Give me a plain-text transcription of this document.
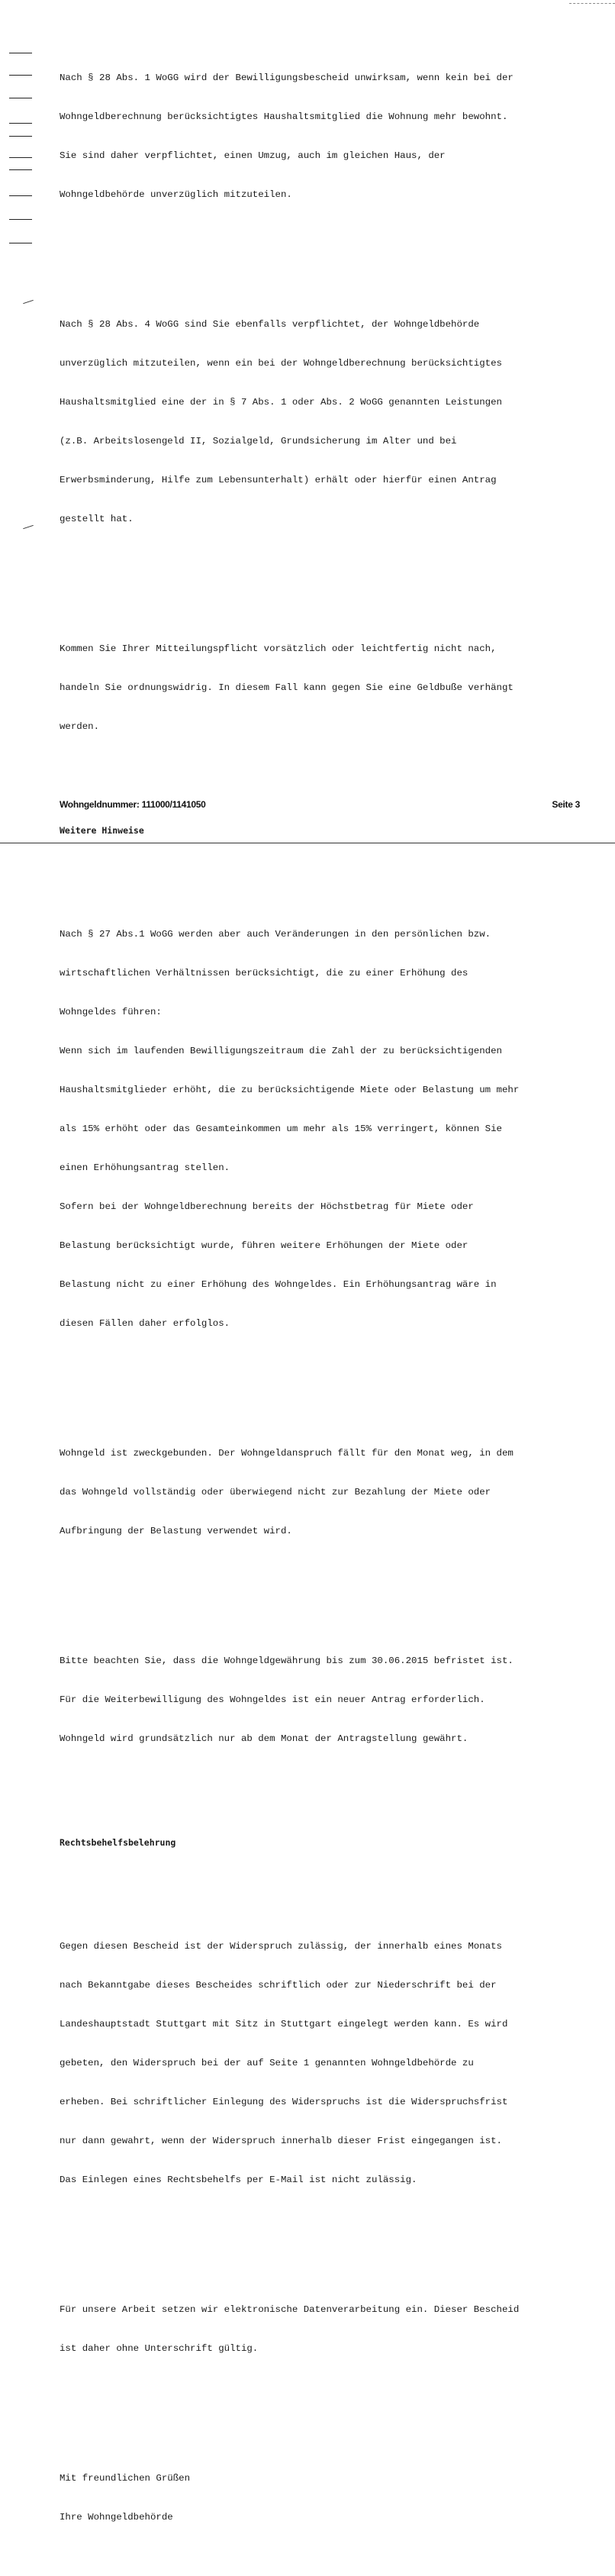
Nach § 28 Abs. 1 WoGG wird der Bewilligungsbescheid unwirksam, wenn kein bei der

Wohngeldberechnung berücksichtigtes Haushaltsmitglied die Wohnung mehr bewohnt.

Sie sind daher verpflichtet, einen Umzug, auch im gleichen Haus, der

Wohngeldbehörde unverzüglich mitzuteilen.

Nach § 28 Abs. 4 WoGG sind Sie ebenfalls verpflichtet, der Wohngeldbehörde

unverzüglich mitzuteilen, wenn ein bei der Wohngeldberechnung berücksichtigtes

Haushaltsmitglied eine der in § 7 Abs. 1 oder Abs. 2 WoGG genannten Leistungen

(z.B. Arbeitslosengeld II, Sozialgeld, Grundsicherung im Alter und bei

Erwerbsminderung, Hilfe zum Lebensunterhalt) erhält oder hierfür einen Antrag

gestellt hat.

Kommen Sie Ihrer Mitteilungspflicht vorsätzlich oder leichtfertig nicht nach,

handeln Sie ordnungswidrig. In diesem Fall kann gegen Sie eine Geldbuße verhängt

werden.

Weitere Hinweise

Nach § 27 Abs.1 WoGG werden aber auch Veränderungen in den persönlichen bzw.

wirtschaftlichen Verhältnissen berücksichtigt, die zu einer Erhöhung des

Wohngeldes führen:

Wenn sich im laufenden Bewilligungszeitraum die Zahl der zu berücksichtigenden

Haushaltsmitglieder erhöht, die zu berücksichtigende Miete oder Belastung um mehr

als 15% erhöht oder das Gesamteinkommen um mehr als 15% verringert, können Sie

einen Erhöhungsantrag stellen.

Sofern bei der Wohngeldberechnung bereits der Höchstbetrag für Miete oder

Belastung berücksichtigt wurde, führen weitere Erhöhungen der Miete oder

Belastung nicht zu einer Erhöhung des Wohngeldes. Ein Erhöhungsantrag wäre in

diesen Fällen daher erfolglos.

Wohngeld ist zweckgebunden. Der Wohngeldanspruch fällt für den Monat weg, in dem

das Wohngeld vollständig oder überwiegend nicht zur Bezahlung der Miete oder

Aufbringung der Belastung verwendet wird.

Bitte beachten Sie, dass die Wohngeldgewährung bis zum 30.06.2015 befristet ist.

Für die Weiterbewilligung des Wohngeldes ist ein neuer Antrag erforderlich.

Wohngeld wird grundsätzlich nur ab dem Monat der Antragstellung gewährt.

Rechtsbehelfsbelehrung

Gegen diesen Bescheid ist der Widerspruch zulässig, der innerhalb eines Monats

nach Bekanntgabe dieses Bescheides schriftlich oder zur Niederschrift bei der

Landeshauptstadt Stuttgart mit Sitz in Stuttgart eingelegt werden kann. Es wird

gebeten, den Widerspruch bei der auf Seite 1 genannten Wohngeldbehörde zu

erheben. Bei schriftlicher Einlegung des Widerspruchs ist die Widerspruchsfrist

nur dann gewahrt, wenn der Widerspruch innerhalb dieser Frist eingegangen ist.

Das Einlegen eines Rechtsbehelfs per E-Mail ist nicht zulässig.

Für unsere Arbeit setzen wir elektronische Datenverarbeitung ein. Dieser Bescheid

ist daher ohne Unterschrift gültig.

Mit freundlichen Grüßen

Ihre Wohngeldbehörde

Wohngeldnummer: 111000/1141050	Seite 3
